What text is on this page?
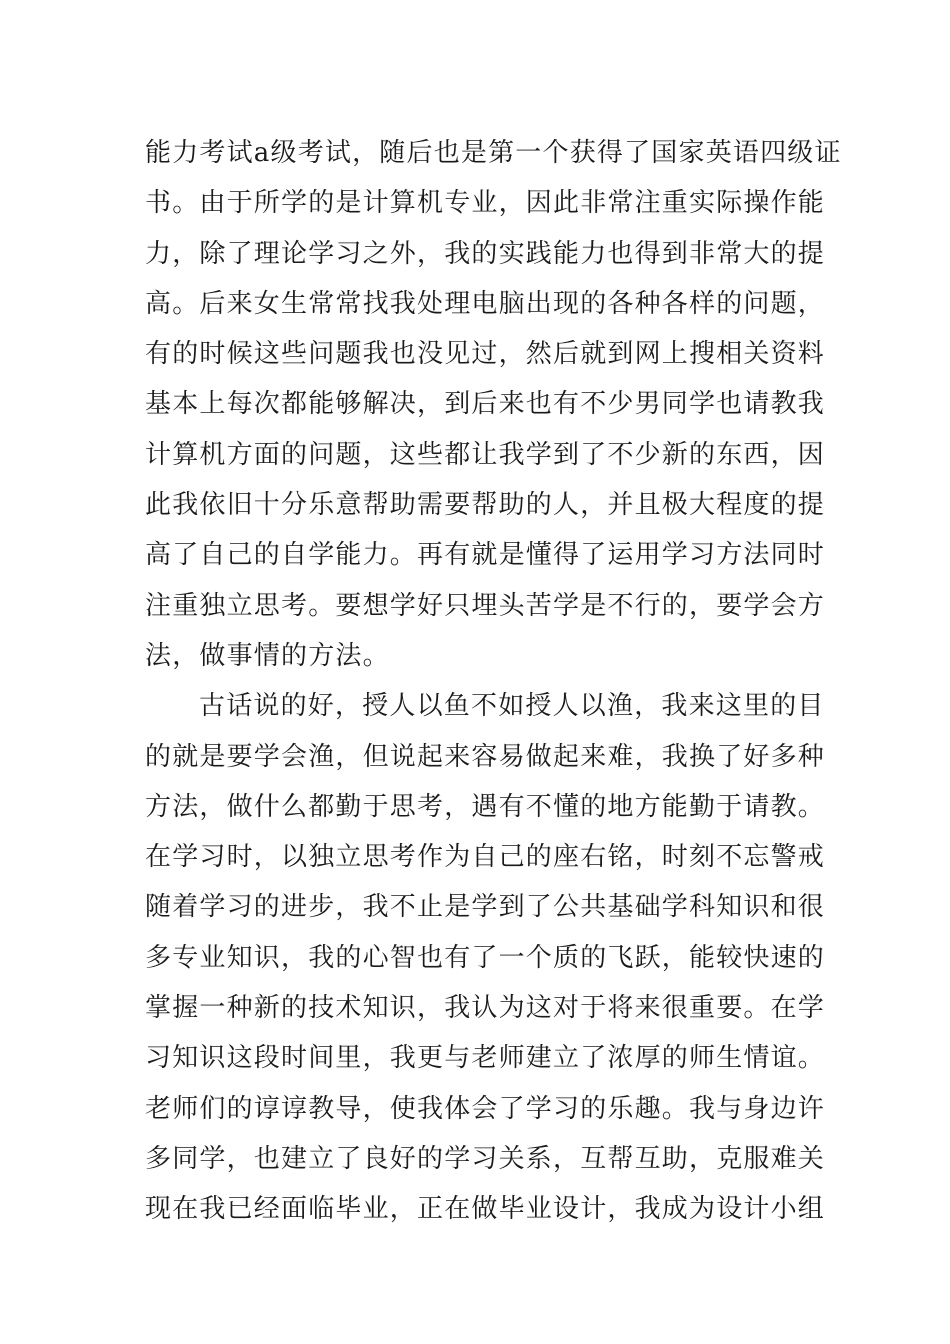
能力考试a级考试，随后也是第一个获得了国家英语四级证
书。由于所学的是计算机专业，因此非常注重实际操作能
力，除了理论学习之外，我的实践能力也得到非常大的提
高。后来女生常常找我处理电脑出现的各种各样的问题，
有的时候这些问题我也没见过，然后就到网上搜相关资料
基本上每次都能够解决，到后来也有不少男同学也请教我
计算机方面的问题，这些都让我学到了不少新的东西，因
此我依旧十分乐意帮助需要帮助的人，并且极大程度的提
高了自己的自学能力。再有就是懂得了运用学习方法同时
注重独立思考。要想学好只埋头苦学是不行的，要学会方
法，做事情的方法。
古话说的好，授人以鱼不如授人以渔，我来这里的目
的就是要学会渔，但说起来容易做起来难，我换了好多种
方法，做什么都勤于思考，遇有不懂的地方能勤于请教。
在学习时，以独立思考作为自己的座右铭，时刻不忘警戒
随着学习的进步，我不止是学到了公共基础学科知识和很
多专业知识，我的心智也有了一个质的飞跃，能较快速的
掌握一种新的技术知识，我认为这对于将来很重要。在学
习知识这段时间里，我更与老师建立了浓厚的师生情谊。
老师们的谆谆教导，使我体会了学习的乐趣。我与身边许
多同学，也建立了良好的学习关系，互帮互助，克服难关
现在我已经面临毕业，正在做毕业设计，我成为设计小组
